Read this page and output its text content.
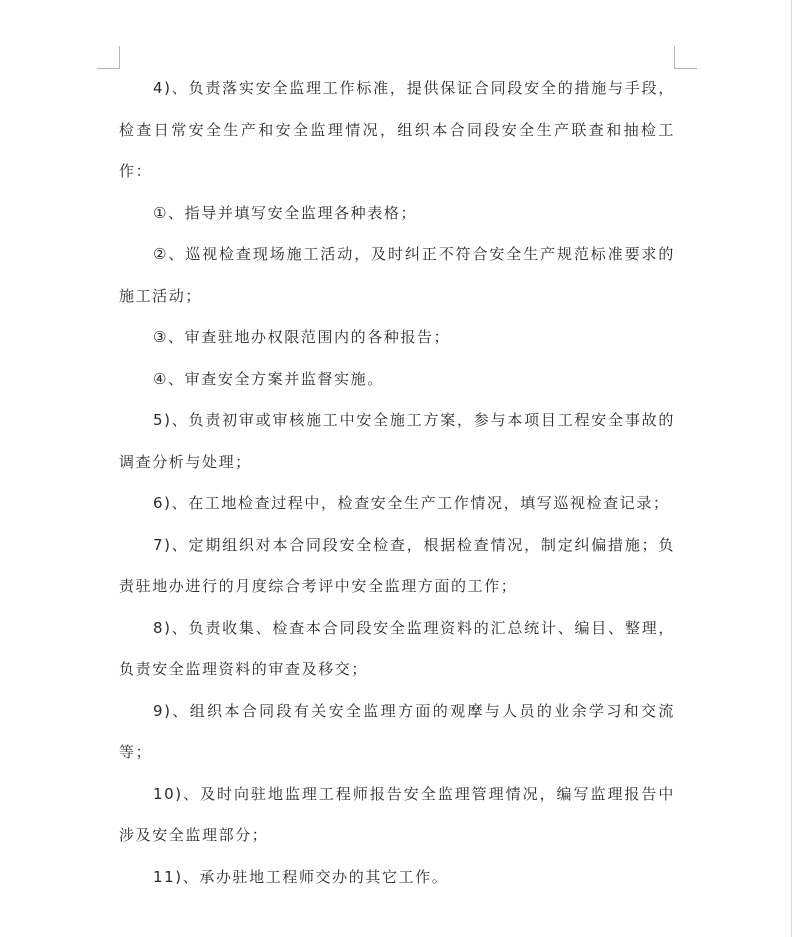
4)、负责落实安全监理工作标准，提供保证合同段安全的措施与手段，检查日常安全生产和安全监理情况，组织本合同段安全生产联查和抽检工作：

①、指导并填写安全监理各种表格；

②、巡视检查现场施工活动，及时纠正不符合安全生产规范标准要求的施工活动；

③、审查驻地办权限范围内的各种报告；

④、审查安全方案并监督实施。

5)、负责初审或审核施工中安全施工方案，参与本项目工程安全事故的调查分析与处理；

6)、在工地检查过程中，检查安全生产工作情况，填写巡视检查记录；

7)、定期组织对本合同段安全检查，根据检查情况，制定纠偏措施；负责驻地办进行的月度综合考评中安全监理方面的工作；

8)、负责收集、检查本合同段安全监理资料的汇总统计、编目、整理，负责安全监理资料的审查及移交；

9)、组织本合同段有关安全监理方面的观摩与人员的业余学习和交流等；

10)、及时向驻地监理工程师报告安全监理管理情况，编写监理报告中涉及安全监理部分；

11)、承办驻地工程师交办的其它工作。
